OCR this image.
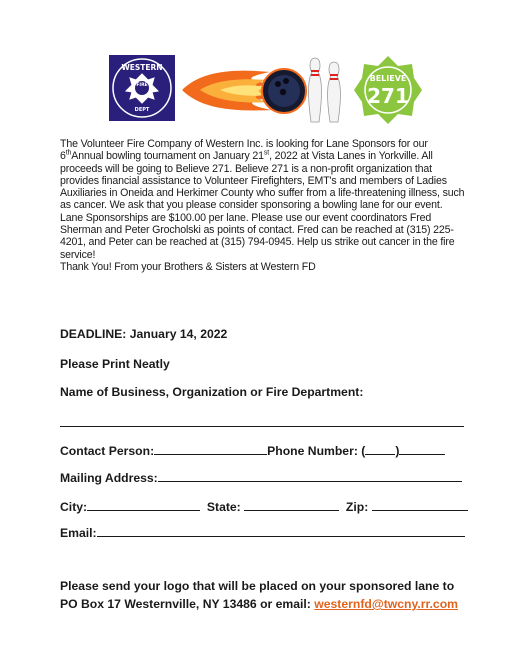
WESTERN
FIRE
DEPT
BELIEVE
271

The Volunteer Fire Company of Western Inc. is looking for Lane Sponsors for our 6thAnnual bowling tournament on January 21st, 2022 at Vista Lanes in Yorkville. All proceeds will be going to Believe 271. Believe 271 is a non-profit organization that provides financial assistance to Volunteer Firefighters, EMT's and members of Ladies Auxiliaries in Oneida and Herkimer County who suffer from a life-threatening illness, such as cancer. We ask that you please consider sponsoring a bowling lane for our event.

Lane Sponsorships are $100.00 per lane. Please use our event coordinators Fred Sherman and Peter Grocholski as points of contact. Fred can be reached at (315) 225-4201, and Peter can be reached at (315) 794-0945. Help us strike out cancer in the fire service!

Thank You! From your Brothers & Sisters at Western FD

DEADLINE: January 14, 2022
Please Print Neatly
Name of Business, Organization or Fire Department:
Contact Person:	Phone Number: ( )
Mailing Address:
City:	State:	Zip:
Email:
Please send your logo that will be placed on your sponsored lane to
PO Box 17 Westernville, NY 13486 or email: westernfd@twcny.rr.com
